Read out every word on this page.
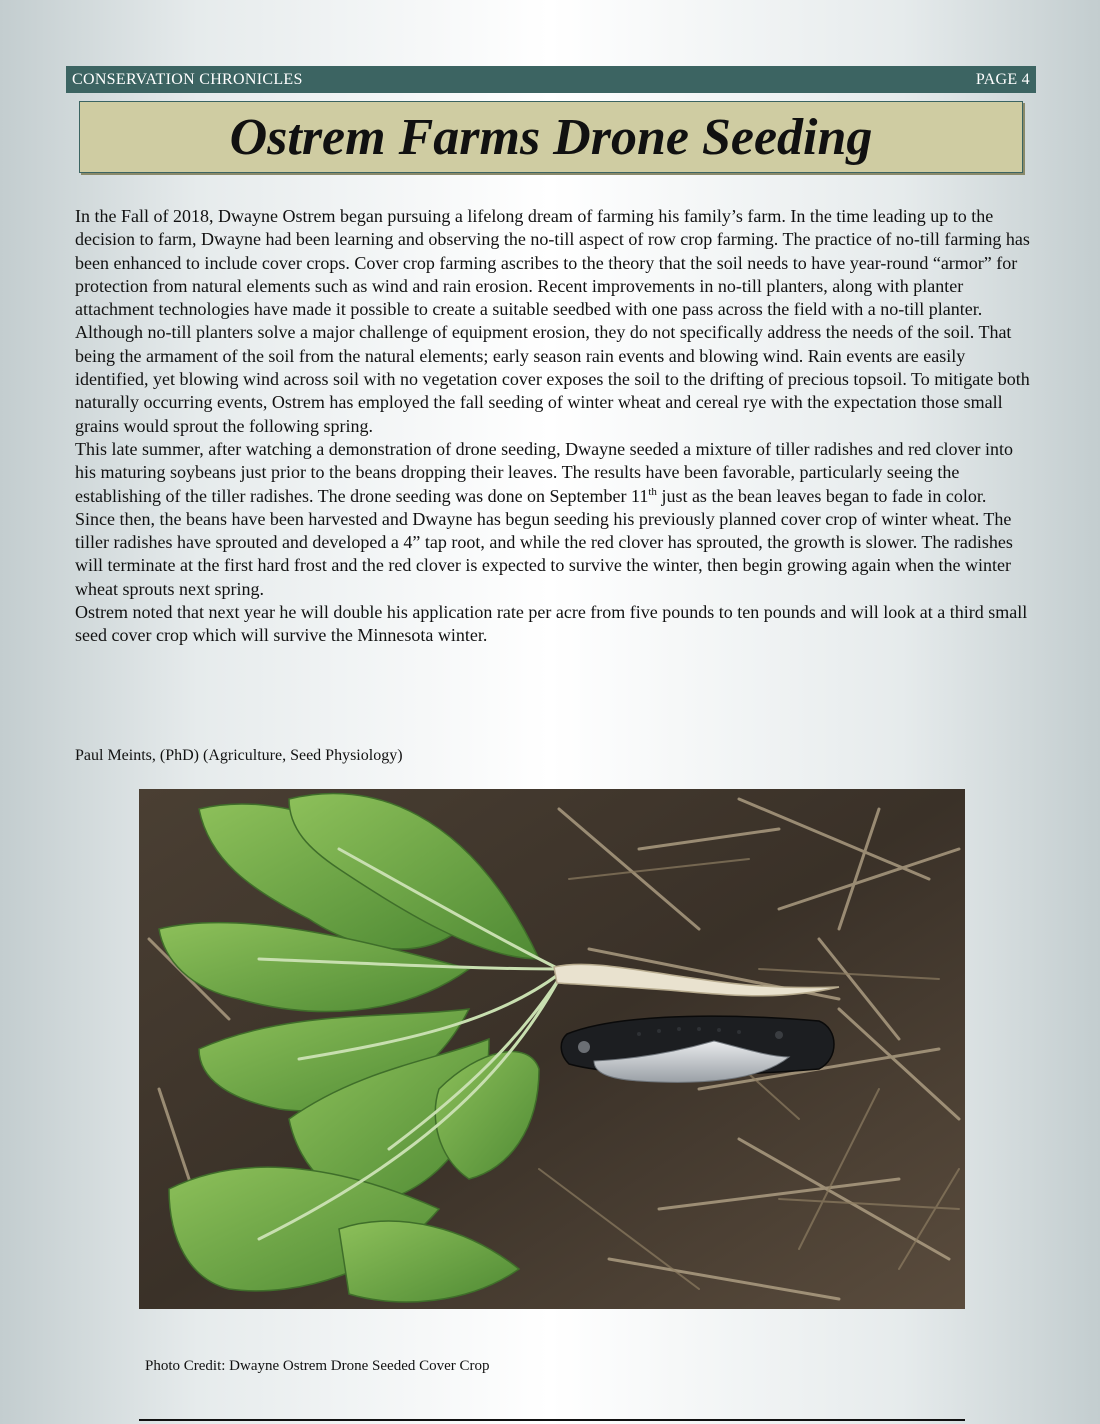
CONSERVATION CHRONICLES	PAGE 4
Ostrem Farms Drone Seeding

In the Fall of 2018, Dwayne Ostrem began pursuing a lifelong dream of farming his family’s farm. In the time leading up to the decision to farm, Dwayne had been learning and observing the no-till aspect of row crop farming. The practice of no-till farming has been enhanced to include cover crops. Cover crop farming ascribes to the theory that the soil needs to have year-round “armor” for protection from natural elements such as wind and rain erosion. Recent improvements in no-till planters, along with planter attachment technologies have made it possible to create a suitable seedbed with one pass across the field with a no-till planter.

Although no-till planters solve a major challenge of equipment erosion, they do not specifically address the needs of the soil. That being the armament of the soil from the natural elements; early season rain events and blowing wind. Rain events are easily identified, yet blowing wind across soil with no vegetation cover exposes the soil to the drifting of precious topsoil. To mitigate both naturally occurring events, Ostrem has employed the fall seeding of winter wheat and cereal rye with the expectation those small grains would sprout the following spring.

This late summer, after watching a demonstration of drone seeding, Dwayne seeded a mixture of tiller radishes and red clover into his maturing soybeans just prior to the beans dropping their leaves. The results have been favorable, particularly seeing the establishing of the tiller radishes. The drone seeding was done on September 11th just as the bean leaves began to fade in color.

Since then, the beans have been harvested and Dwayne has begun seeding his previously planned cover crop of winter wheat. The tiller radishes have sprouted and developed a 4” tap root, and while the red clover has sprouted, the growth is slower. The radishes will terminate at the first hard frost and the red clover is expected to survive the winter, then begin growing again when the winter wheat sprouts next spring.

Ostrem noted that next year he will double his application rate per acre from five pounds to ten pounds and will look at a third small seed cover crop which will survive the Minnesota winter.

Paul Meints, (PhD) (Agriculture, Seed Physiology)
Photo Credit: Dwayne Ostrem Drone Seeded Cover Crop
